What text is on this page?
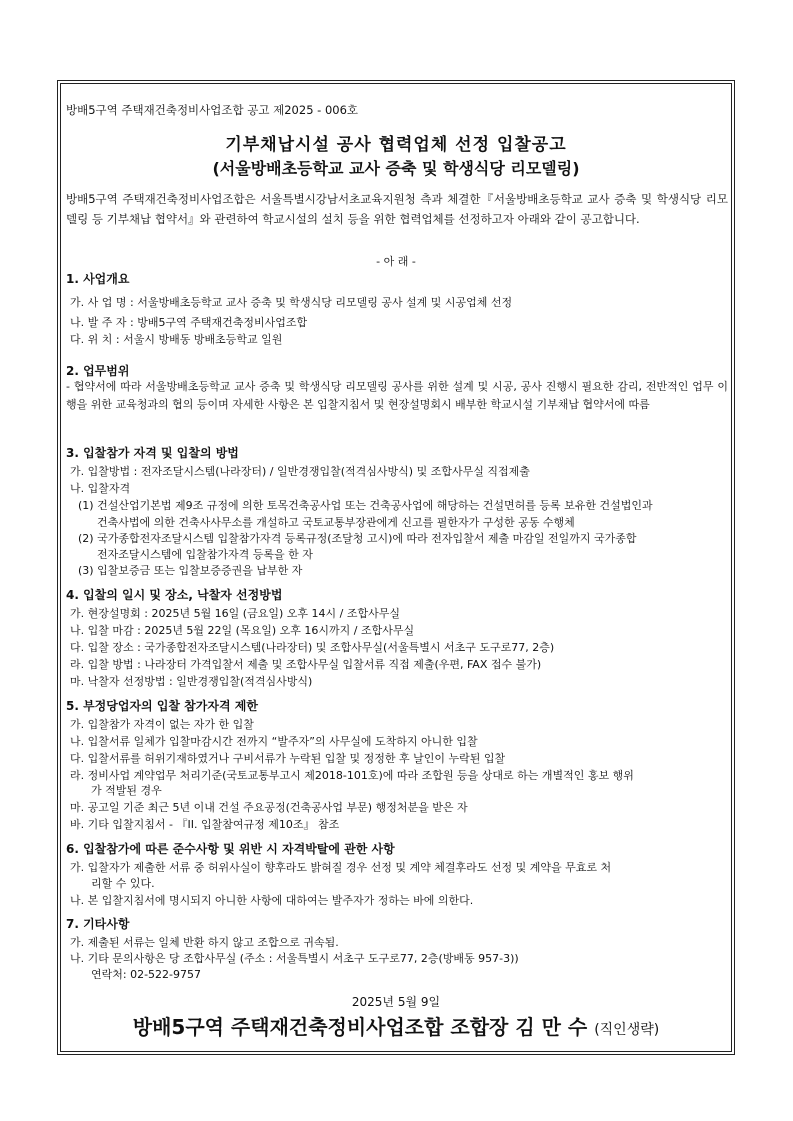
방배5구역 주택재건축정비사업조합 공고 제2025 - 006호
기부채납시설 공사 협력업체 선정 입찰공고
(서울방배초등학교 교사 증축 및 학생식당 리모델링)
방배5구역 주택재건축정비사업조합은 서울특별시강남서초교육지원청 측과 체결한『서울방배초등학교 교사 증축 및 학생식당 리모델링 등 기부채납 협약서』와 관련하여 학교시설의 설치 등을 위한 협력업체를 선정하고자 아래와 같이 공고합니다.
- 아 래 -
1. 사업개요
가. 사 업 명 : 서울방배초등학교 교사 증축 및 학생식당 리모델링 공사 설계 및 시공업체 선정
나. 발 주 자 : 방배5구역 주택재건축정비사업조합
다. 위 치 : 서울시 방배동 방배초등학교 일원
2. 업무범위
- 협약서에 따라 서울방배초등학교 교사 증축 및 학생식당 리모델링 공사를 위한 설계 및 시공, 공사 진행시 필요한 감리, 전반적인 업무 이행을 위한 교육청과의 협의 등이며 자세한 사항은 본 입찰지침서 및 현장설명회시 배부한 학교시설 기부채납 협약서에 따름
3. 입찰참가 자격 및 입찰의 방법
가. 입찰방법 : 전자조달시스템(나라장터) / 일반경쟁입찰(적격심사방식) 및 조합사무실 직접제출
나. 입찰자격
(1) 건설산업기본법 제9조 규정에 의한 토목건축공사업 또는 건축공사업에 해당하는 건설면허를 등록 보유한 건설법인과
건축사법에 의한 건축사사무소를 개설하고 국토교통부장관에게 신고를 필한자가 구성한 공동 수행체
(2) 국가종합전자조달시스템 입찰참가자격 등록규정(조달청 고시)에 따라 전자입찰서 제출 마감일 전일까지 국가종합
전자조달시스템에 입찰참가자격 등록을 한 자
(3) 입찰보증금 또는 입찰보증증권을 납부한 자
4. 입찰의 일시 및 장소, 낙찰자 선정방법
가. 현장설명회 : 2025년 5월 16일 (금요일) 오후 14시 / 조합사무실
나. 입찰 마감 : 2025년 5월 22일 (목요일) 오후 16시까지 / 조합사무실
다. 입찰 장소 : 국가종합전자조달시스템(나라장터) 및 조합사무실(서울특별시 서초구 도구로77, 2층)
라. 입찰 방법 : 나라장터 가격입찰서 제출 및 조합사무실 입찰서류 직접 제출(우편, FAX 접수 불가)
마. 낙찰자 선정방법 : 일반경쟁입찰(적격심사방식)
5. 부정당업자의 입찰 참가자격 제한
가. 입찰참가 자격이 없는 자가 한 입찰
나. 입찰서류 일체가 입찰마감시간 전까지 “발주자”의 사무실에 도착하지 아니한 입찰
다. 입찰서류를 허위기재하였거나 구비서류가 누락된 입찰 및 정정한 후 날인이 누락된 입찰
라. 정비사업 계약업무 처리기준(국토교통부고시 제2018-101호)에 따라 조합원 등을 상대로 하는 개별적인 홍보 행위
가 적발된 경우
마. 공고일 기준 최근 5년 이내 건설 주요공정(건축공사업 부문) 행정처분을 받은 자
바. 기타 입찰지침서 - 『II. 입찰참여규정 제10조』 참조
6. 입찰참가에 따른 준수사항 및 위반 시 자격박탈에 관한 사항
가. 입찰자가 제출한 서류 중 허위사실이 향후라도 밝혀질 경우 선정 및 계약 체결후라도 선정 및 계약을 무효로 처
리할 수 있다.
나. 본 입찰지침서에 명시되지 아니한 사항에 대하여는 발주자가 정하는 바에 의한다.
7. 기타사항
가. 제출된 서류는 일체 반환 하지 않고 조합으로 귀속됨.
나. 기타 문의사항은 당 조합사무실 (주소 : 서울특별시 서초구 도구로77, 2층(방배동 957-3))
연락처: 02-522-9757
2025년 5월 9일
방배5구역 주택재건축정비사업조합 조합장 김 만 수 (직인생략)
